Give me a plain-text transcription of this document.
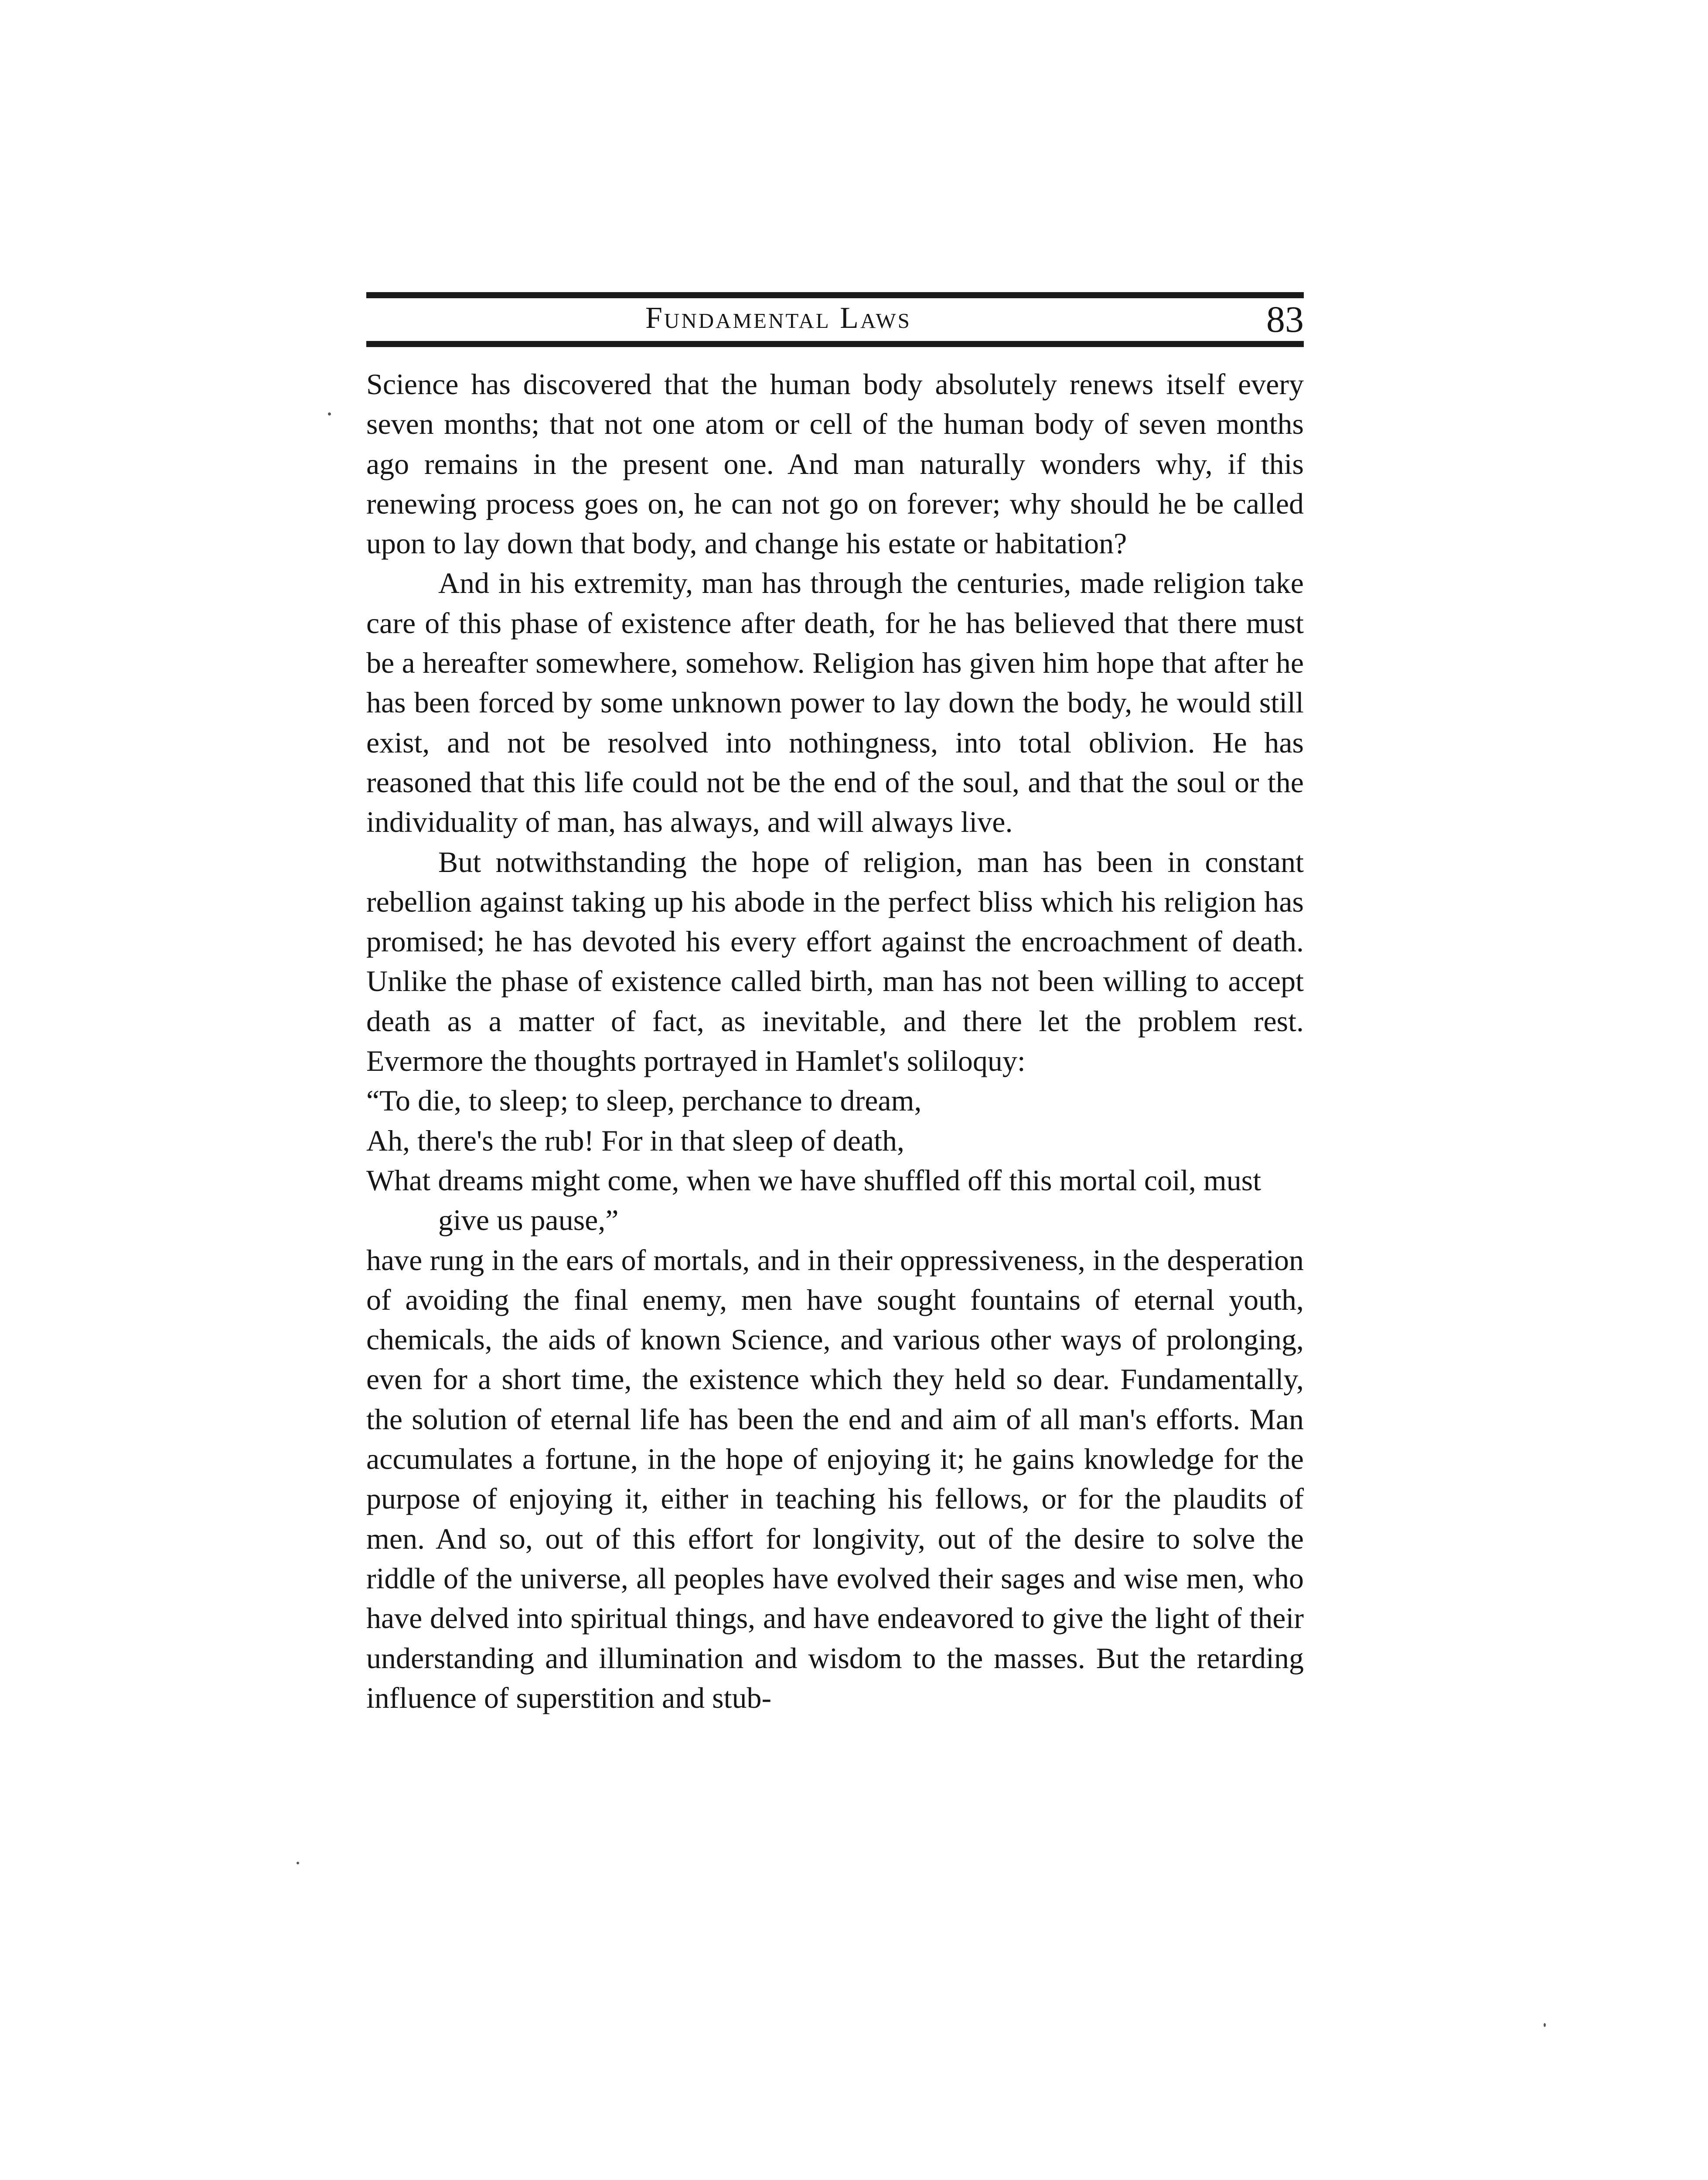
Fundamental Laws	83

Science has discovered that the human body absolutely renews itself every seven months; that not one atom or cell of the human body of seven months ago remains in the present one. And man naturally wonders why, if this renewing process goes on, he can not go on forever; why should he be called upon to lay down that body, and change his estate or habitation?

And in his extremity, man has through the centuries, made religion take care of this phase of existence after death, for he has believed that there must be a hereafter somewhere, somehow. Religion has given him hope that after he has been forced by some unknown power to lay down the body, he would still exist, and not be resolved into nothingness, into total oblivion. He has reasoned that this life could not be the end of the soul, and that the soul or the individuality of man, has always, and will always live.

But notwithstanding the hope of religion, man has been in constant rebellion against taking up his abode in the perfect bliss which his religion has promised; he has devoted his every effort against the encroachment of death. Unlike the phase of existence called birth, man has not been willing to accept death as a matter of fact, as inevitable, and there let the problem rest. Evermore the thoughts portrayed in Hamlet's soliloquy:

“To die, to sleep; to sleep, perchance to dream,

Ah, there's the rub! For in that sleep of death,

What dreams might come, when we have shuffled off this mortal coil, must give us pause,”

have rung in the ears of mortals, and in their oppressiveness, in the desperation of avoiding the final enemy, men have sought fountains of eternal youth, chemicals, the aids of known Science, and various other ways of prolonging, even for a short time, the existence which they held so dear. Fundamentally, the solution of eternal life has been the end and aim of all man's efforts. Man accumulates a fortune, in the hope of enjoying it; he gains knowledge for the purpose of enjoying it, either in teaching his fellows, or for the plaudits of men. And so, out of this effort for longivity, out of the desire to solve the riddle of the universe, all peoples have evolved their sages and wise men, who have delved into spiritual things, and have endeavored to give the light of their understanding and illumination and wisdom to the masses. But the retarding influence of superstition and stub-
